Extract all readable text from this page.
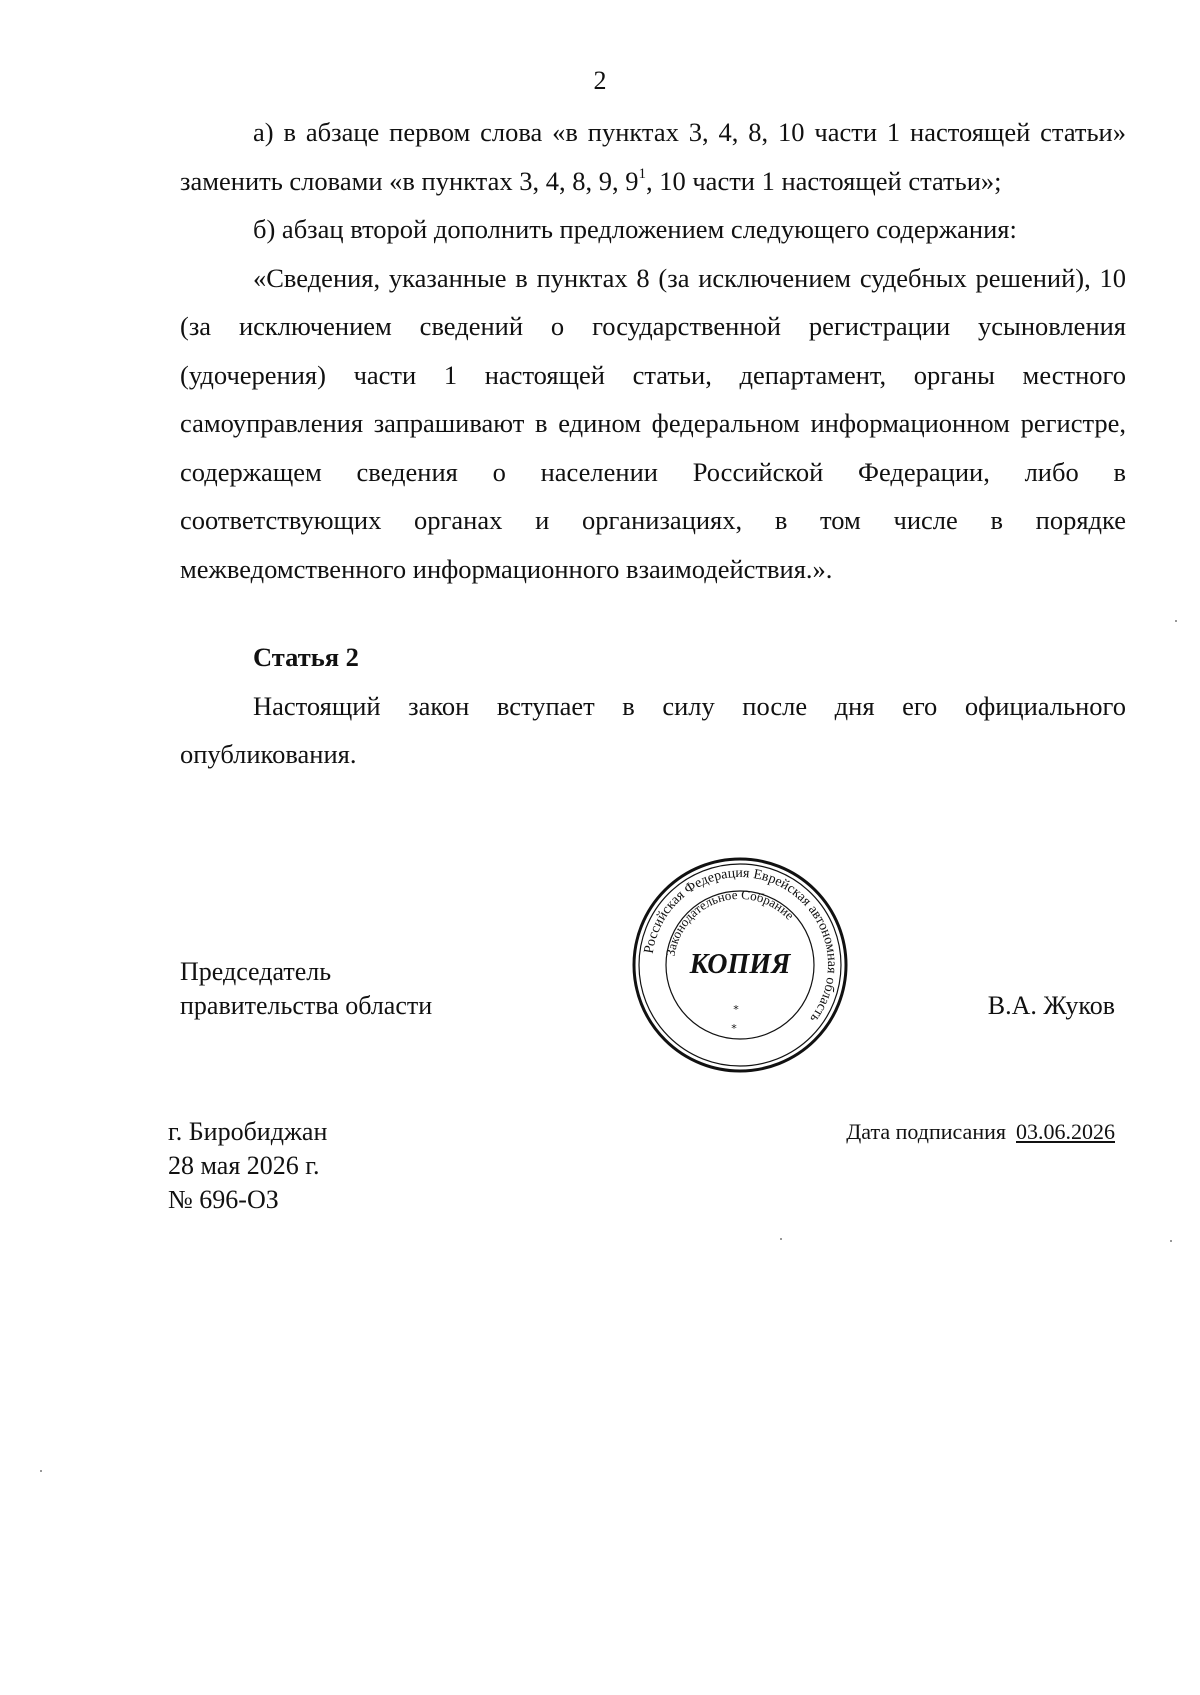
2

а) в абзаце первом слова «в пунктах 3, 4, 8, 10 части 1 настоящей статьи» заменить словами «в пунктах 3, 4, 8, 9, $9^1$, 10 части 1 настоящей статьи»;

б) абзац второй дополнить предложением следующего содержания:

«Сведения, указанные в пунктах 8 (за исключением судебных решений), 10 (за исключением сведений о государственной регистрации усыновления (удочерения) части 1 настоящей статьи, департамент, органы местного самоуправления запрашивают в едином федеральном информационном регистре, содержащем сведения о населении Российской Федерации, либо в соответствующих органах и организациях, в том числе в порядке межведомственного информационного взаимодействия.».

Статья 2

Настоящий закон вступает в силу после дня его официального опубликования.

Председатель
правительства области
Российская Федерация Еврейская автономная область
Законодательное Собрание
КОПИЯ
*
*
В.А. Жуков
г. Биробиджан
28 мая 2026 г.
№ 696-ОЗ
Дата подписания 03.06.2026
